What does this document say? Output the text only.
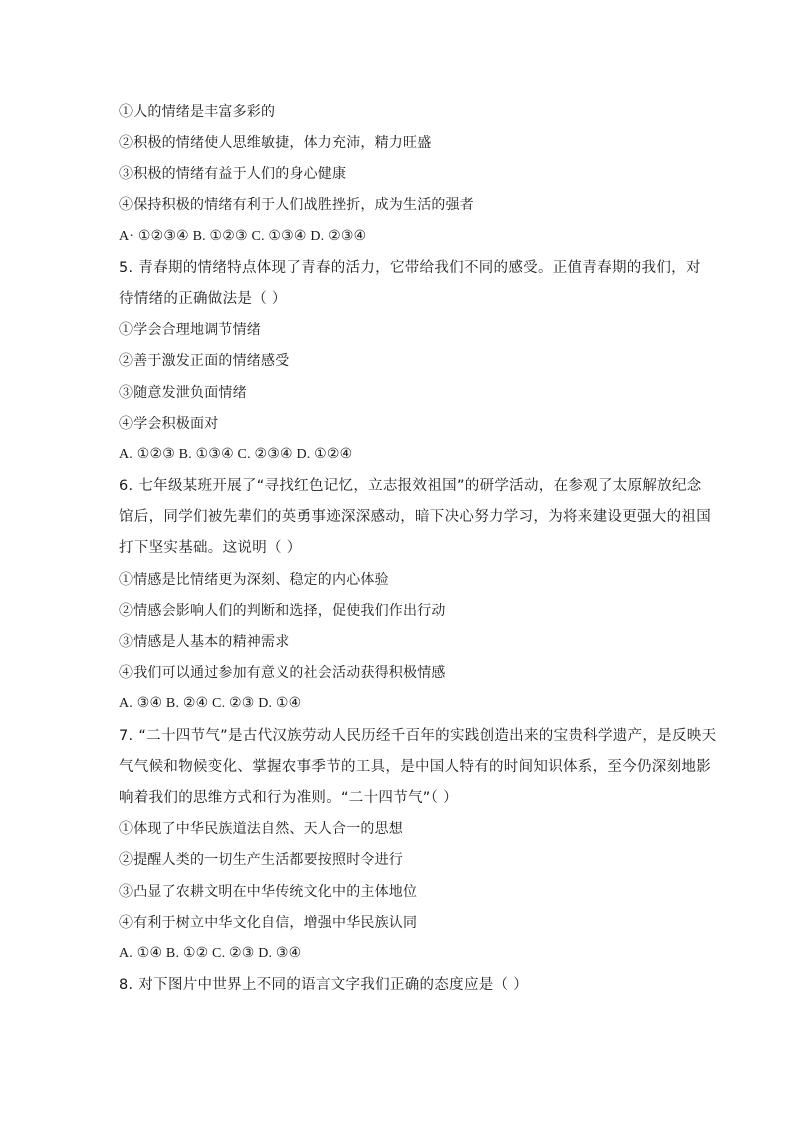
①人的情绪是丰富多彩的
②积极的情绪使人思维敏捷，体力充沛，精力旺盛
③积极的情绪有益于人们的身心健康
④保持积极的情绪有利于人们战胜挫折，成为生活的强者
A· ①②③④ B. ①②③ C. ①③④ D. ②③④
5. 青春期的情绪特点体现了青春的活力，它带给我们不同的感受。正值青春期的我们，对
待情绪的正确做法是（ ）
①学会合理地调节情绪
②善于激发正面的情绪感受
③随意发泄负面情绪
④学会积极面对
A. ①②③ B. ①③④ C. ②③④ D. ①②④
6. 七年级某班开展了“寻找红色记忆，立志报效祖国”的研学活动，在参观了太原解放纪念
馆后，同学们被先辈们的英勇事迹深深感动，暗下决心努力学习，为将来建设更强大的祖国
打下坚实基础。这说明（ ）
①情感是比情绪更为深刻、稳定的内心体验
②情感会影响人们的判断和选择，促使我们作出行动
③情感是人基本的精神需求
④我们可以通过参加有意义的社会活动获得积极情感
A. ③④ B. ②④ C. ②③ D. ①④
7. “二十四节气”是古代汉族劳动人民历经千百年的实践创造出来的宝贵科学遗产，是反映天
气气候和物候变化、掌握农事季节的工具，是中国人特有的时间知识体系，至今仍深刻地影
响着我们的思维方式和行为准则。“二十四节气”（ ）
①体现了中华民族道法自然、天人合一的思想
②提醒人类的一切生产生活都要按照时令进行
③凸显了农耕文明在中华传统文化中的主体地位
④有利于树立中华文化自信，增强中华民族认同
A. ①④ B. ①② C. ②③ D. ③④
8. 对下图片中世界上不同的语言文字我们正确的态度应是（ ）
